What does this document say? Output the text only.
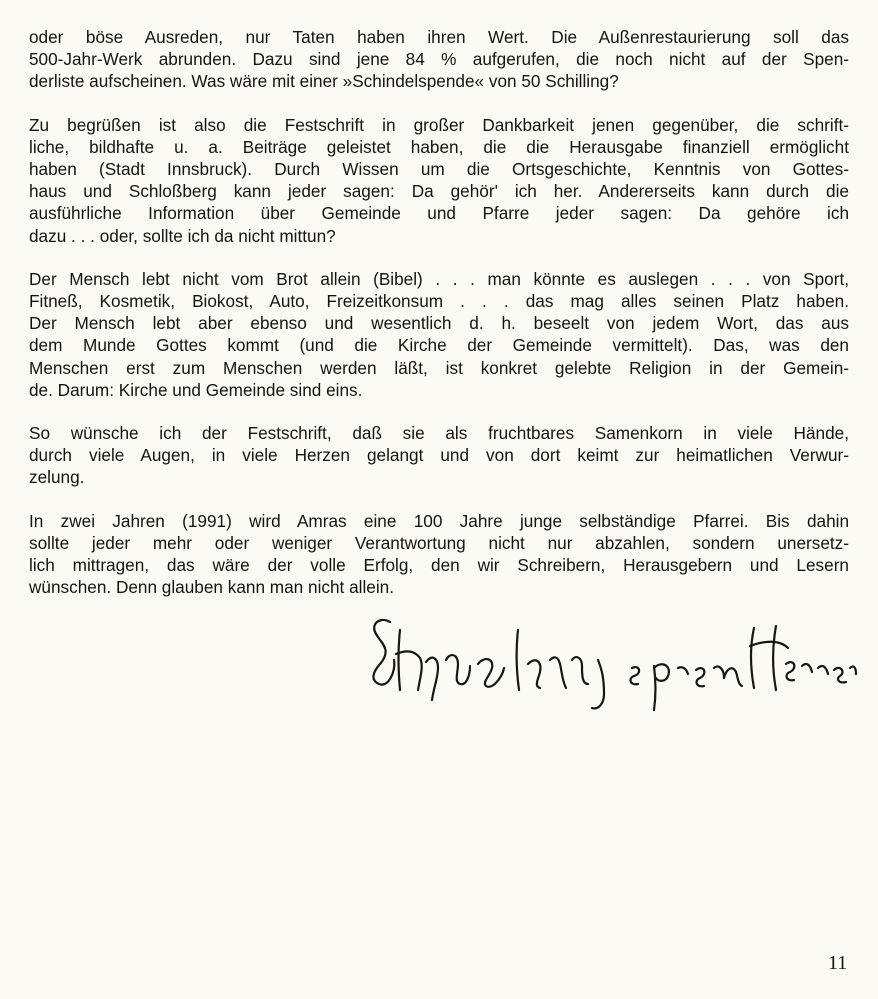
oder böse Ausreden, nur Taten haben ihren Wert. Die Außenrestaurierung soll das
500-Jahr-Werk abrunden. Dazu sind jene 84 % aufgerufen, die noch nicht auf der Spen-
derliste aufscheinen. Was wäre mit einer »Schindelspende« von 50 Schilling?

Zu begrüßen ist also die Festschrift in großer Dankbarkeit jenen gegenüber, die schrift-
liche, bildhafte u. a. Beiträge geleistet haben, die die Herausgabe finanziell ermöglicht
haben (Stadt Innsbruck). Durch Wissen um die Ortsgeschichte, Kenntnis von Gottes-
haus und Schloßberg kann jeder sagen: Da gehör' ich her. Andererseits kann durch die
ausführliche Information über Gemeinde und Pfarre jeder sagen: Da gehöre ich
dazu . . . oder, sollte ich da nicht mittun?

Der Mensch lebt nicht vom Brot allein (Bibel) . . . man könnte es auslegen . . . von Sport,
Fitneß, Kosmetik, Biokost, Auto, Freizeitkonsum . . . das mag alles seinen Platz haben.
Der Mensch lebt aber ebenso und wesentlich d. h. beseelt von jedem Wort, das aus
dem Munde Gottes kommt (und die Kirche der Gemeinde vermittelt). Das, was den
Menschen erst zum Menschen werden läßt, ist konkret gelebte Religion in der Gemein-
de. Darum: Kirche und Gemeinde sind eins.

So wünsche ich der Festschrift, daß sie als fruchtbares Samenkorn in viele Hände,
durch viele Augen, in viele Herzen gelangt und von dort keimt zur heimatlichen Verwur-
zelung.

In zwei Jahren (1991) wird Amras eine 100 Jahre junge selbständige Pfarrei. Bis dahin
sollte jeder mehr oder weniger Verantwortung nicht nur abzahlen, sondern unersetz-
lich mittragen, das wäre der volle Erfolg, den wir Schreibern, Herausgebern und Lesern
wünschen. Denn glauben kann man nicht allein.

11
